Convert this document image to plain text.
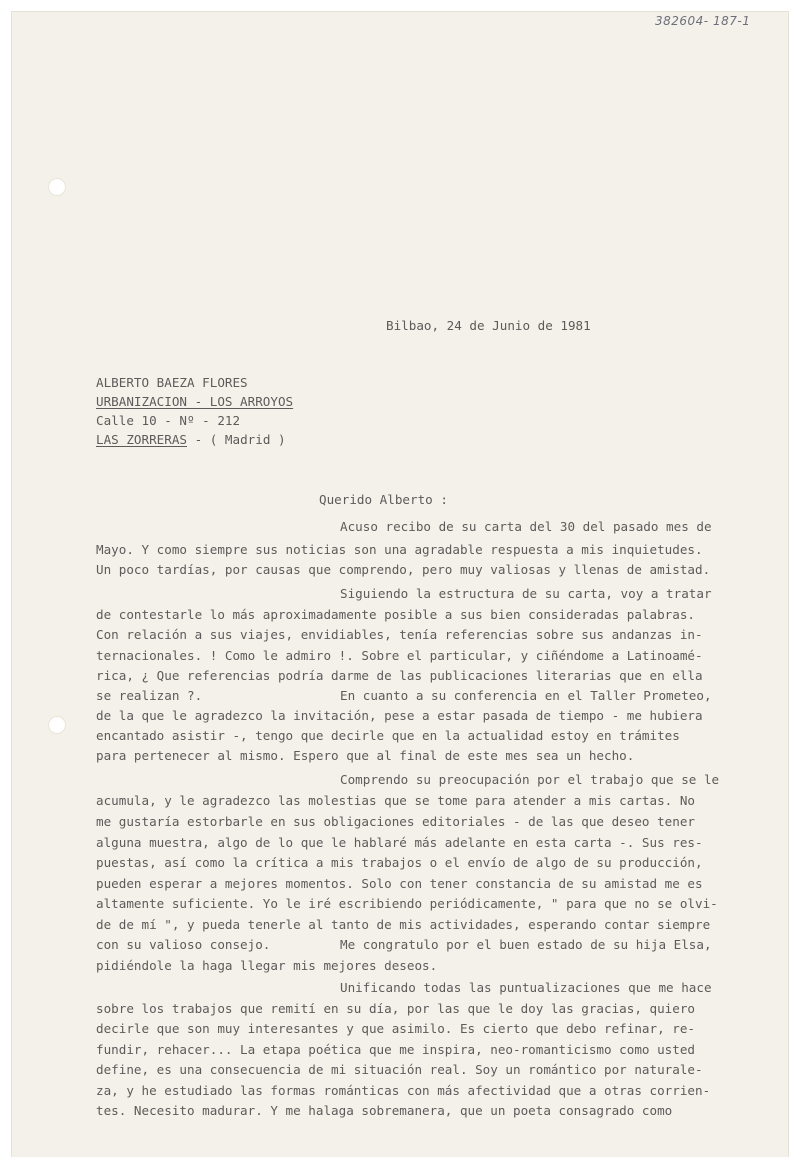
382604- 187-1
Bilbao, 24 de Junio de 1981
ALBERTO BAEZA FLORES
URBANIZACION - LOS ARROYOS
Calle 10 - Nº - 212
LAS ZORRERAS - ( Madrid )
Querido Alberto :
Acuso recibo de su carta del 30 del pasado mes de
Mayo. Y como siempre sus noticias son una agradable respuesta a mis inquietudes.
Un poco tardías, por causas que comprendo, pero muy valiosas y llenas de amistad.
Siguiendo la estructura de su carta, voy a tratar
de contestarle lo más aproximadamente posible a sus bien consideradas palabras.
Con relación a sus viajes, envidiables, tenía referencias sobre sus andanzas in-
ternacionales. ! Como le admiro !. Sobre el particular, y ciñéndome a Latinoamé-
rica, ¿ Que referencias podría darme de las publicaciones literarias que en ella
se realizan ?.	En cuanto a su conferencia en el Taller Prometeo,
de la que le agradezco la invitación, pese a estar pasada de tiempo - me hubiera
encantado asistir -, tengo que decirle que en la actualidad estoy en trámites
para pertenecer al mismo. Espero que al final de este mes sea un hecho.
Comprendo su preocupación por el trabajo que se le
acumula, y le agradezco las molestias que se tome para atender a mis cartas. No
me gustaría estorbarle en sus obligaciones editoriales - de las que deseo tener
alguna muestra, algo de lo que le hablaré más adelante en esta carta -. Sus res-
puestas, así como la crítica a mis trabajos o el envío de algo de su producción,
pueden esperar a mejores momentos. Solo con tener constancia de su amistad me es
altamente suficiente. Yo le iré escribiendo periódicamente, " para que no se olvi-
de de mí ", y pueda tenerle al tanto de mis actividades, esperando contar siempre
con su valioso consejo.	Me congratulo por el buen estado de su hija Elsa,
pidiéndole la haga llegar mis mejores deseos.
Unificando todas las puntualizaciones que me hace
sobre los trabajos que remití en su día, por las que le doy las gracias, quiero
decirle que son muy interesantes y que asimilo. Es cierto que debo refinar, re-
fundir, rehacer... La etapa poética que me inspira, neo-romanticismo como usted
define, es una consecuencia de mi situación real. Soy un romántico por naturale-
za, y he estudiado las formas románticas con más afectividad que a otras corrien-
tes. Necesito madurar. Y me halaga sobremanera, que un poeta consagrado como
